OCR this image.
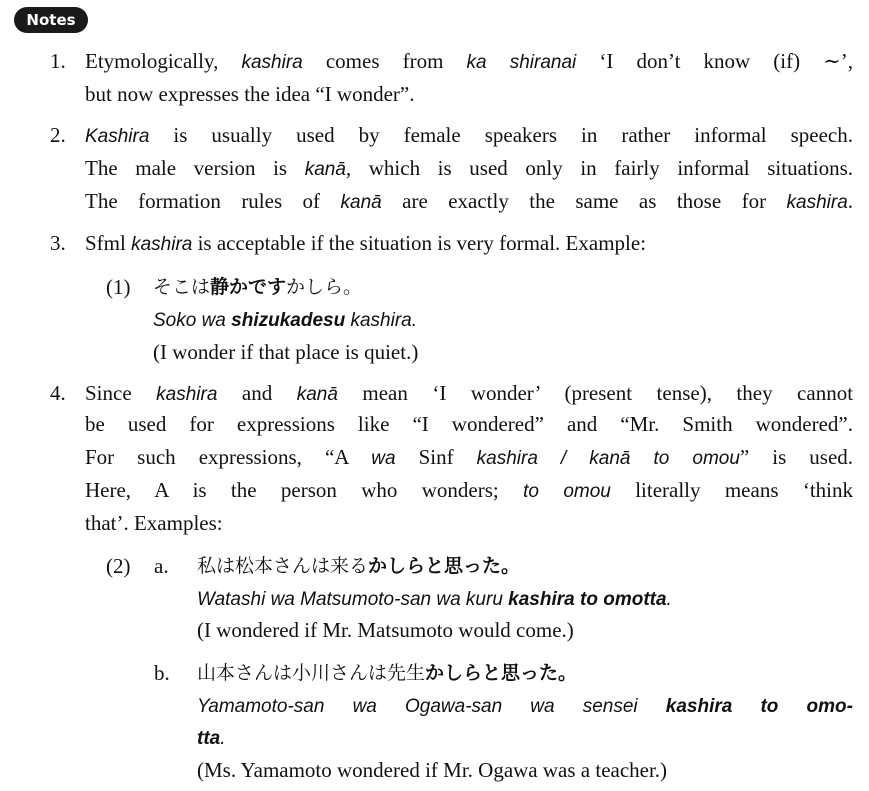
Notes
1. Etymologically, kashira comes from ka shiranai ‘I don’t know (if) ∼’,
but now expresses the idea “I wonder”.
2. Kashira is usually used by female speakers in rather informal speech.
The male version is kanā, which is used only in fairly informal situations.
The formation rules of kanā are exactly the same as those for kashira.
3. Sfml kashira is acceptable if the situation is very formal. Example:
(1) そこは静かですかしら。
Soko wa shizukadesu kashira.
(I wonder if that place is quiet.)
4. Since kashira and kanā mean ‘I wonder’ (present tense), they cannot
be used for expressions like “I wondered” and “Mr. Smith wondered”.
For such expressions, “A wa Sinf kashira / kanā to omou” is used.
Here, A is the person who wonders; to omou literally means ‘think
that’. Examples:
(2) a. 私は松本さんは来るかしらと思った。
Watashi wa Matsumoto-san wa kuru kashira to omotta.
(I wondered if Mr. Matsumoto would come.)
b. 山本さんは小川さんは先生かしらと思った。
Yamamoto-san wa Ogawa-san wa sensei kashira to omo-
tta.
(Ms. Yamamoto wondered if Mr. Ogawa was a teacher.)
